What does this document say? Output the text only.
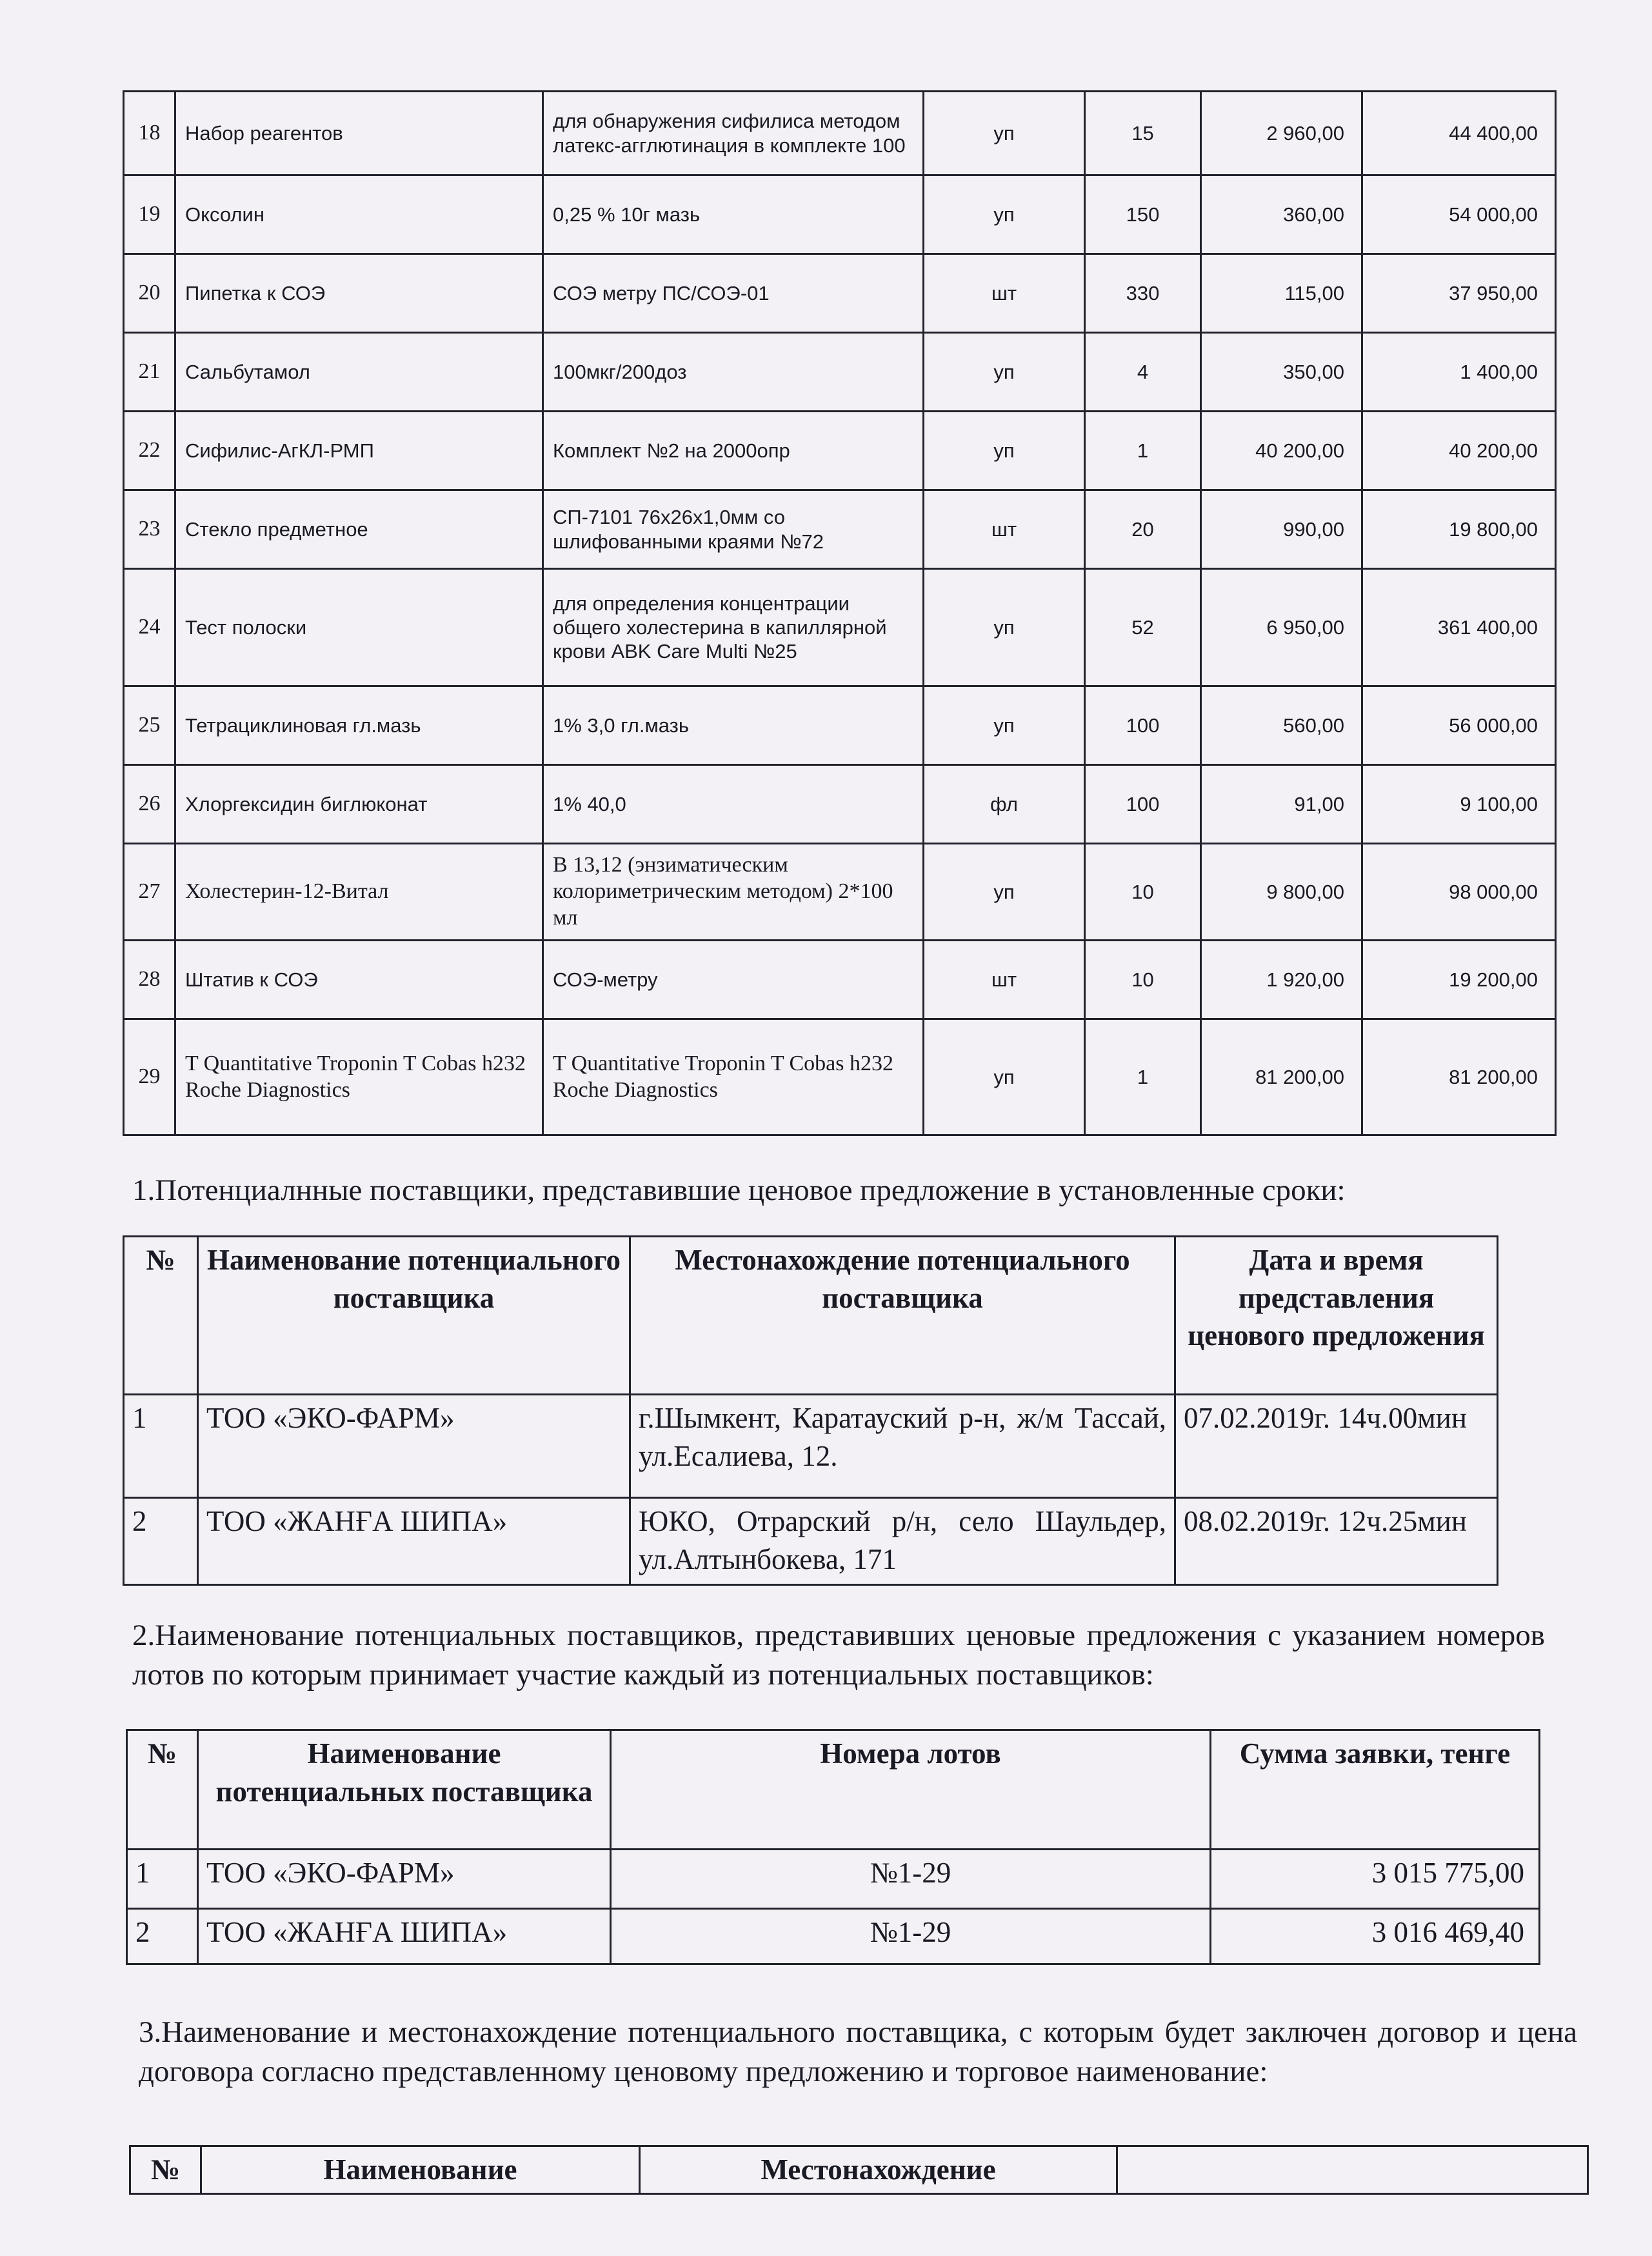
18	Набор реагентов	для обнаружения сифилиса методом латекс-агглютинация в комплекте 100	уп	15	2 960,00	44 400,00
19	Оксолин	0,25 % 10г мазь	уп	150	360,00	54 000,00
20	Пипетка к СОЭ	СОЭ метру ПС/СОЭ-01	шт	330	115,00	37 950,00
21	Сальбутамол	100мкг/200доз	уп	4	350,00	1 400,00
22	Сифилис-АгКЛ-РМП	Комплект №2 на 2000опр	уп	1	40 200,00	40 200,00
23	Стекло предметное	СП-7101 76х26х1,0мм со шлифованными краями №72	шт	20	990,00	19 800,00
24	Тест полоски	для определения концентрации общего холестерина в капиллярной крови ABK Care Multi №25	уп	52	6 950,00	361 400,00
25	Тетрациклиновая гл.мазь	1% 3,0 гл.мазь	уп	100	560,00	56 000,00
26	Хлоргексидин биглюконат	1% 40,0	фл	100	91,00	9 100,00
27	Холестерин-12-Витал	В 13,12 (энзиматическим колориметрическим методом) 2*100 мл	уп	10	9 800,00	98 000,00
28	Штатив к СОЭ	СОЭ-метру	шт	10	1 920,00	19 200,00
29	T Quantitative Troponin T Cobas h232 Roche Diagnostics	T Quantitative Troponin T Cobas h232 Roche Diagnostics	уп	1	81 200,00	81 200,00

1.Потенциалнные поставщики, представившие ценовое предложение в установленные сроки:

№	Наименование потенциального поставщика	Местонахождение потенциального поставщика	Дата и время представления ценового предложения
1	ТОО «ЭКО-ФАРМ»	г.Шымкент, Каратауский р-н, ж/м Тассай, ул.Есалиева, 12.	07.02.2019г. 14ч.00мин
2	ТОО «ЖАНҒА ШИПА»	ЮКО, Отрарский р/н, село Шаульдер, ул.Алтынбокева, 171	08.02.2019г. 12ч.25мин

2.Наименование потенциальных поставщиков, представивших ценовые предложения с указанием номеров лотов по которым принимает участие каждый из потенциальных поставщиков:

№	Наименование потенциальных поставщика	Номера лотов	Сумма заявки, тенге
1	ТОО «ЭКО-ФАРМ»	№1-29	3 015 775,00
2	ТОО «ЖАНҒА ШИПА»	№1-29	3 016 469,40

3.Наименование и местонахождение потенциального поставщика, с которым будет заключен договор и цена договора согласно представленному ценовому предложению и торговое наименование:

№	Наименование	Местонахождение	
